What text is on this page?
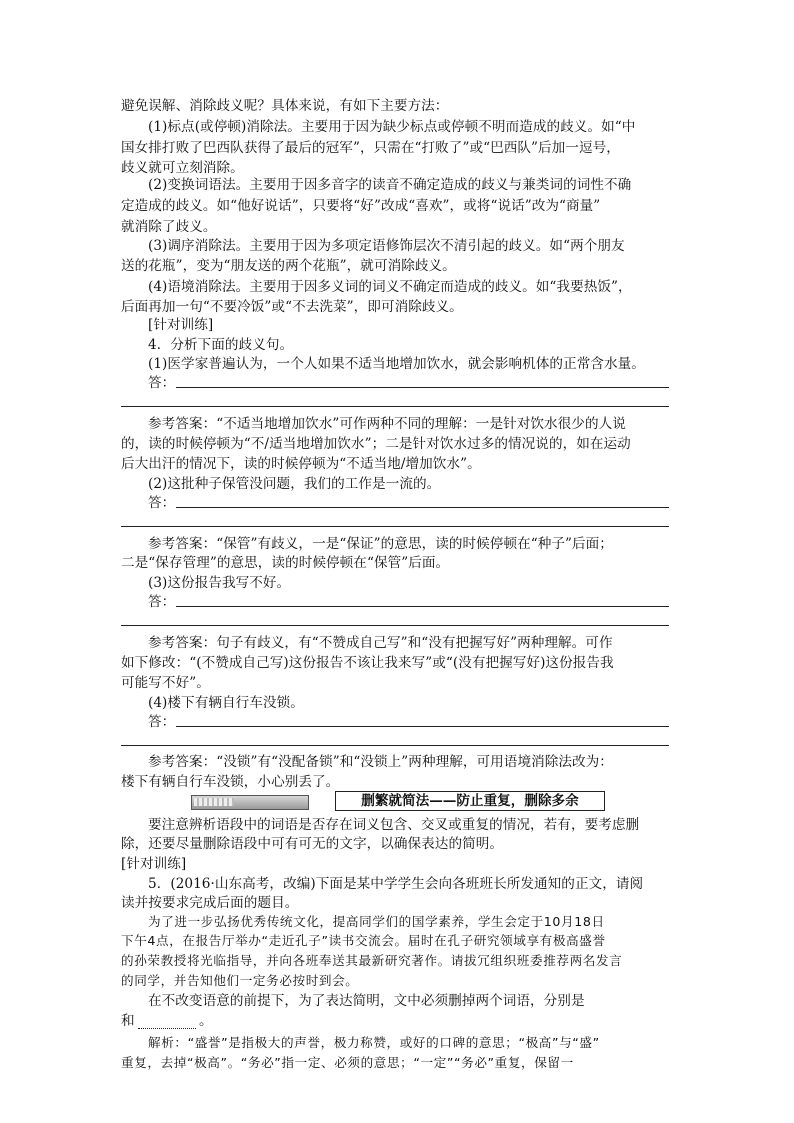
避免误解、消除歧义呢？具体来说，有如下主要方法：
(1)标点(或停顿)消除法。主要用于因为缺少标点或停顿不明而造成的歧义。如“中
国女排打败了巴西队获得了最后的冠军”，只需在“打败了”或“巴西队”后加一逗号，
歧义就可立刻消除。
(2)变换词语法。主要用于因多音字的读音不确定造成的歧义与兼类词的词性不确
定造成的歧义。如“他好说话”，只要将“好”改成“喜欢”，或将“说话”改为“商量”
就消除了歧义。
(3)调序消除法。主要用于因为多项定语修饰层次不清引起的歧义。如“两个朋友
送的花瓶”，变为“朋友送的两个花瓶”，就可消除歧义。
(4)语境消除法。主要用于因多义词的词义不确定而造成的歧义。如“我要热饭”，
后面再加一句“不要冷饭”或“不去洗菜”，即可消除歧义。
[针对训练]
4．分析下面的歧义句。
(1)医学家普遍认为，一个人如果不适当地增加饮水，就会影响机体的正常含水量。
答：
参考答案：“不适当地增加饮水”可作两种不同的理解：一是针对饮水很少的人说
的，读的时候停顿为“不/适当地增加饮水”；二是针对饮水过多的情况说的，如在运动
后大出汗的情况下，读的时候停顿为“不适当地/增加饮水”。
(2)这批种子保管没问题，我们的工作是一流的。
答：
参考答案：“保管”有歧义，一是“保证”的意思，读的时候停顿在“种子”后面；
二是“保存管理”的意思，读的时候停顿在“保管”后面。
(3)这份报告我写不好。
答：
参考答案：句子有歧义，有“不赞成自己写”和“没有把握写好”两种理解。可作
如下修改：“(不赞成自己写)这份报告不该让我来写”或“(没有把握写好)这份报告我
可能写不好”。
(4)楼下有辆自行车没锁。
答：
参考答案：“没锁”有“没配备锁”和“没锁上”两种理解，可用语境消除法改为：
楼下有辆自行车没锁，小心别丢了。
删繁就简法——防止重复，删除多余
要注意辨析语段中的词语是否存在词义包含、交叉或重复的情况，若有，要考虑删
除，还要尽量删除语段中可有可无的文字，以确保表达的简明。
[针对训练]
5．(2016·山东高考，改编)下面是某中学学生会向各班班长所发通知的正文，请阅
读并按要求完成后面的题目。
为了进一步弘扬优秀传统文化，提高同学们的国学素养，学生会定于10月18日
下午4点，在报告厅举办“走近孔子”读书交流会。届时在孔子研究领域享有极高盛誉
的孙荣教授将光临指导，并向各班奉送其最新研究著作。请拔冗组织班委推荐两名发言
的同学，并告知他们一定务必按时到会。
在不改变语意的前提下，为了表达简明，文中必须删掉两个词语，分别是
和	。
解析：“盛誉”是指极大的声誉，极力称赞，或好的口碑的意思；“极高”与“盛”
重复，去掉“极高”。“务必”指一定、必须的意思；“一定”“务必”重复，保留一
